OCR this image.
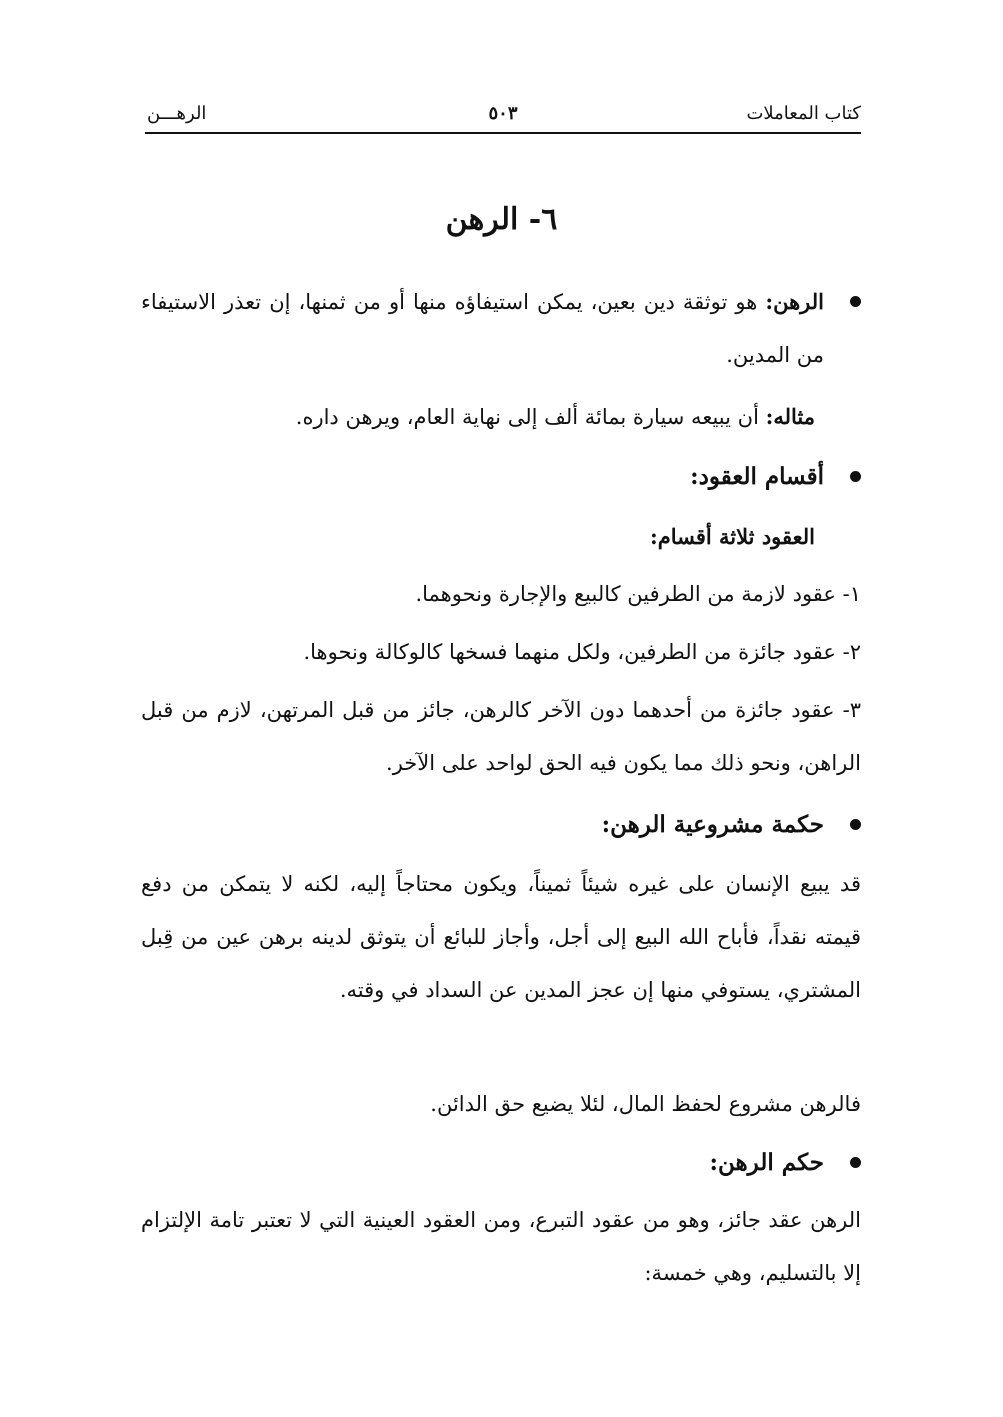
كتاب المعاملات
٥٠٣
الرهـــن
٦- الرهن
الرهن: هو توثقة دين بعين، يمكن استيفاؤه منها أو من ثمنها، إن تعذر الاستيفاء من المدين.
مثاله: أن يبيعه سيارة بمائة ألف إلى نهاية العام، ويرهن داره.
أقسام العقود:
العقود ثلاثة أقسام:
١- عقود لازمة من الطرفين كالبيع والإجارة ونحوهما.
٢- عقود جائزة من الطرفين، ولكل منهما فسخها كالوكالة ونحوها.
٣- عقود جائزة من أحدهما دون الآخر كالرهن، جائز من قبل المرتهن، لازم من قبل الراهن، ونحو ذلك مما يكون فيه الحق لواحد على الآخر.
حكمة مشروعية الرهن:
قد يبيع الإنسان على غيره شيئاً ثميناً، ويكون محتاجاً إليه، لكنه لا يتمكن من دفع قيمته نقداً، فأباح الله البيع إلى أجل، وأجاز للبائع أن يتوثق لدينه برهن عين من قِبل المشتري، يستوفي منها إن عجز المدين عن السداد في وقته.
فالرهن مشروع لحفظ المال، لئلا يضيع حق الدائن.
حكم الرهن:
الرهن عقد جائز، وهو من عقود التبرع، ومن العقود العينية التي لا تعتبر تامة الإلتزام إلا بالتسليم، وهي خمسة:
